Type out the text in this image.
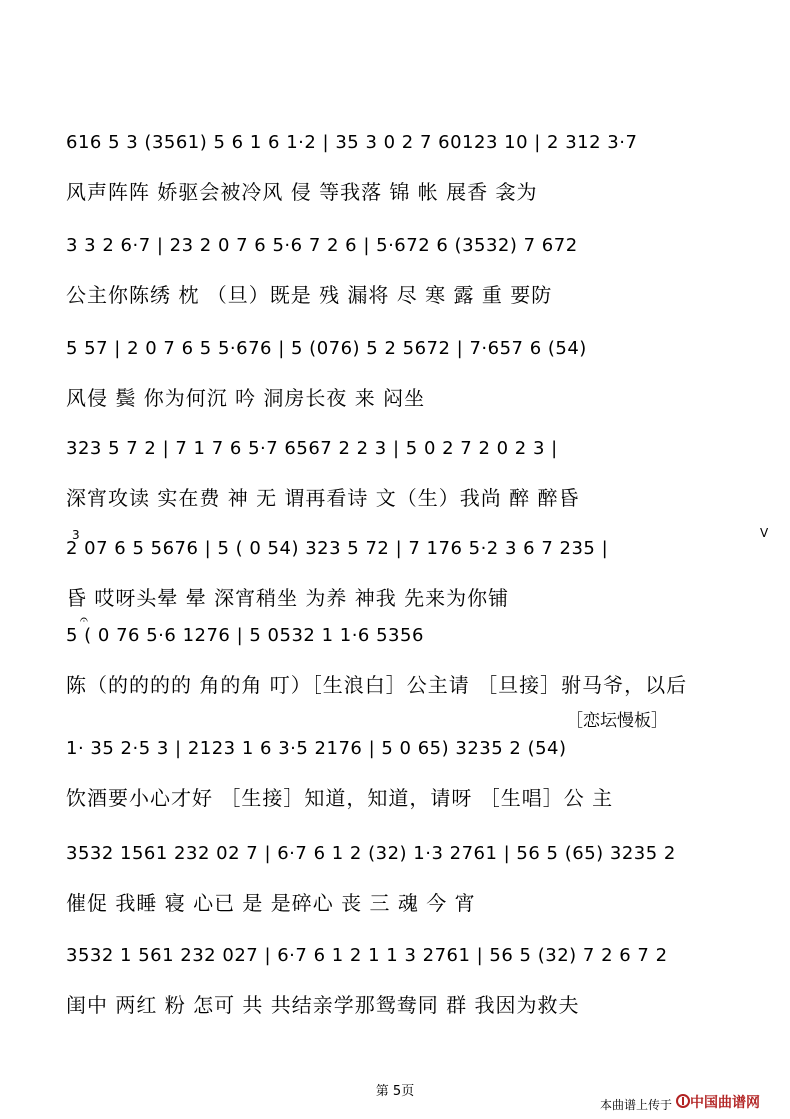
616 5 3 (3561) 5 6 1 6 1·2 | 35 3 0 2 7 60123 10 | 2 312 3·7
风声阵阵 娇驱会被冷风 侵 等我落 锦 帐 展香 衾为
3 3 2 6·7 | 23 2 0 7 6 5·6 7 2 6 | 5·672 6 (3532) 7 672
公主你陈绣 枕 （旦）既是 残 漏将 尽 寒 露 重 要防
5 57 | 2 0 7 6 5 5·676 | 5 (076) 5 2 5672 | 7·657 6 (54)
风侵 鬓 你为何沉 吟 洞房长夜 来 闷坐
323 5 7 2 | 7 1 7 6 5·7 6567 2 2 3 | 5 0 2 7 2 0 2 3 |
深宵攻读 实在费 神 无 谓再看诗 文（生）我尚 醉 醉昏
2 07 6 5 5676 | 5 ( 0 54) 323 5 72 | 7 176 5·2 3 6 7 235 |
昏 哎呀头晕 晕 深宵稍坐 为养 神我 先来为你铺
5 ( 0 76 5·6 1276 | 5 0532 1 1·6 5356
陈（的的的的 角的角 叮）［生浪白］公主请 ［旦接］驸马爷，以后
1· 35 2·5 3 | 2123 1 6 3·5 2176 | 5 0 65) 3235 2 (54)
饮酒要小心才好 ［生接］知道，知道，请呀 ［生唱］公 主
3532 1561 232 02 7 | 6·7 6 1 2 (32) 1·3 2761 | 56 5 (65) 3235 2
催促 我睡 寝 心已 是 是碎心 丧 三 魂 今 宵
3532 1 561 232 027 | 6·7 6 1 2 1 1 3 2761 | 56 5 (32) 7 2 6 7 2
闺中 两红 粉 怎可 共 共结亲学那鸳鸯同 群 我因为救夫
［恋坛慢板］
𝄐
3	V
第 5页
本曲谱上传于 中国曲谱网
